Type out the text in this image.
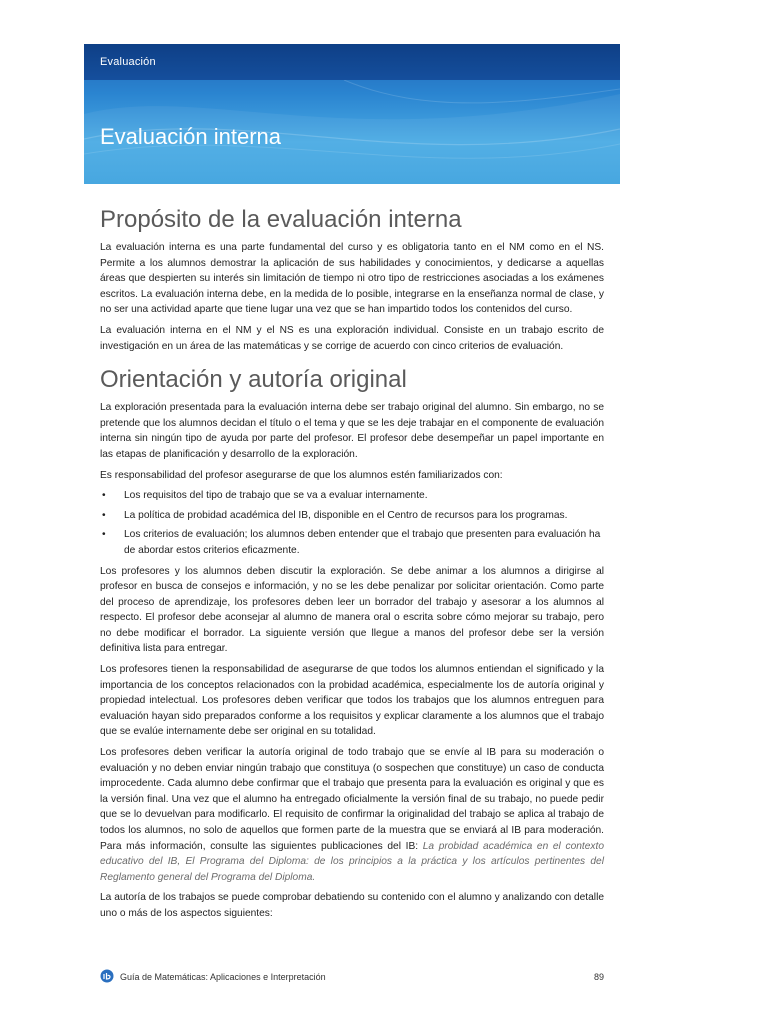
Evaluación
Evaluación interna
Propósito de la evaluación interna

La evaluación interna es una parte fundamental del curso y es obligatoria tanto en el NM como en el NS. Permite a los alumnos demostrar la aplicación de sus habilidades y conocimientos, y dedicarse a aquellas áreas que despierten su interés sin limitación de tiempo ni otro tipo de restricciones asociadas a los exámenes escritos. La evaluación interna debe, en la medida de lo posible, integrarse en la enseñanza normal de clase, y no ser una actividad aparte que tiene lugar una vez que se han impartido todos los contenidos del curso.

La evaluación interna en el NM y el NS es una exploración individual. Consiste en un trabajo escrito de investigación en un área de las matemáticas y se corrige de acuerdo con cinco criterios de evaluación.

Orientación y autoría original

La exploración presentada para la evaluación interna debe ser trabajo original del alumno. Sin embargo, no se pretende que los alumnos decidan el título o el tema y que se les deje trabajar en el componente de evaluación interna sin ningún tipo de ayuda por parte del profesor. El profesor debe desempeñar un papel importante en las etapas de planificación y desarrollo de la exploración.

Es responsabilidad del profesor asegurarse de que los alumnos estén familiarizados con:

• Los requisitos del tipo de trabajo que se va a evaluar internamente.
• La política de probidad académica del IB, disponible en el Centro de recursos para los programas.
• Los criterios de evaluación; los alumnos deben entender que el trabajo que presenten para evaluación ha de abordar estos criterios eficazmente.

Los profesores y los alumnos deben discutir la exploración. Se debe animar a los alumnos a dirigirse al profesor en busca de consejos e información, y no se les debe penalizar por solicitar orientación. Como parte del proceso de aprendizaje, los profesores deben leer un borrador del trabajo y asesorar a los alumnos al respecto. El profesor debe aconsejar al alumno de manera oral o escrita sobre cómo mejorar su trabajo, pero no debe modificar el borrador. La siguiente versión que llegue a manos del profesor debe ser la versión definitiva lista para entregar.

Los profesores tienen la responsabilidad de asegurarse de que todos los alumnos entiendan el significado y la importancia de los conceptos relacionados con la probidad académica, especialmente los de autoría original y propiedad intelectual. Los profesores deben verificar que todos los trabajos que los alumnos entreguen para evaluación hayan sido preparados conforme a los requisitos y explicar claramente a los alumnos que el trabajo que se evalúe internamente debe ser original en su totalidad.

Los profesores deben verificar la autoría original de todo trabajo que se envíe al IB para su moderación o evaluación y no deben enviar ningún trabajo que constituya (o sospechen que constituye) un caso de conducta improcedente. Cada alumno debe confirmar que el trabajo que presenta para la evaluación es original y que es la versión final. Una vez que el alumno ha entregado oficialmente la versión final de su trabajo, no puede pedir que se lo devuelvan para modificarlo. El requisito de confirmar la originalidad del trabajo se aplica al trabajo de todos los alumnos, no solo de aquellos que formen parte de la muestra que se enviará al IB para moderación. Para más información, consulte las siguientes publicaciones del IB: La probidad académica en el contexto educativo del IB, El Programa del Diploma: de los principios a la práctica y los artículos pertinentes del Reglamento general del Programa del Diploma.

La autoría de los trabajos se puede comprobar debatiendo su contenido con el alumno y analizando con detalle uno o más de los aspectos siguientes:

Guía de Matemáticas: Aplicaciones e Interpretación	89
